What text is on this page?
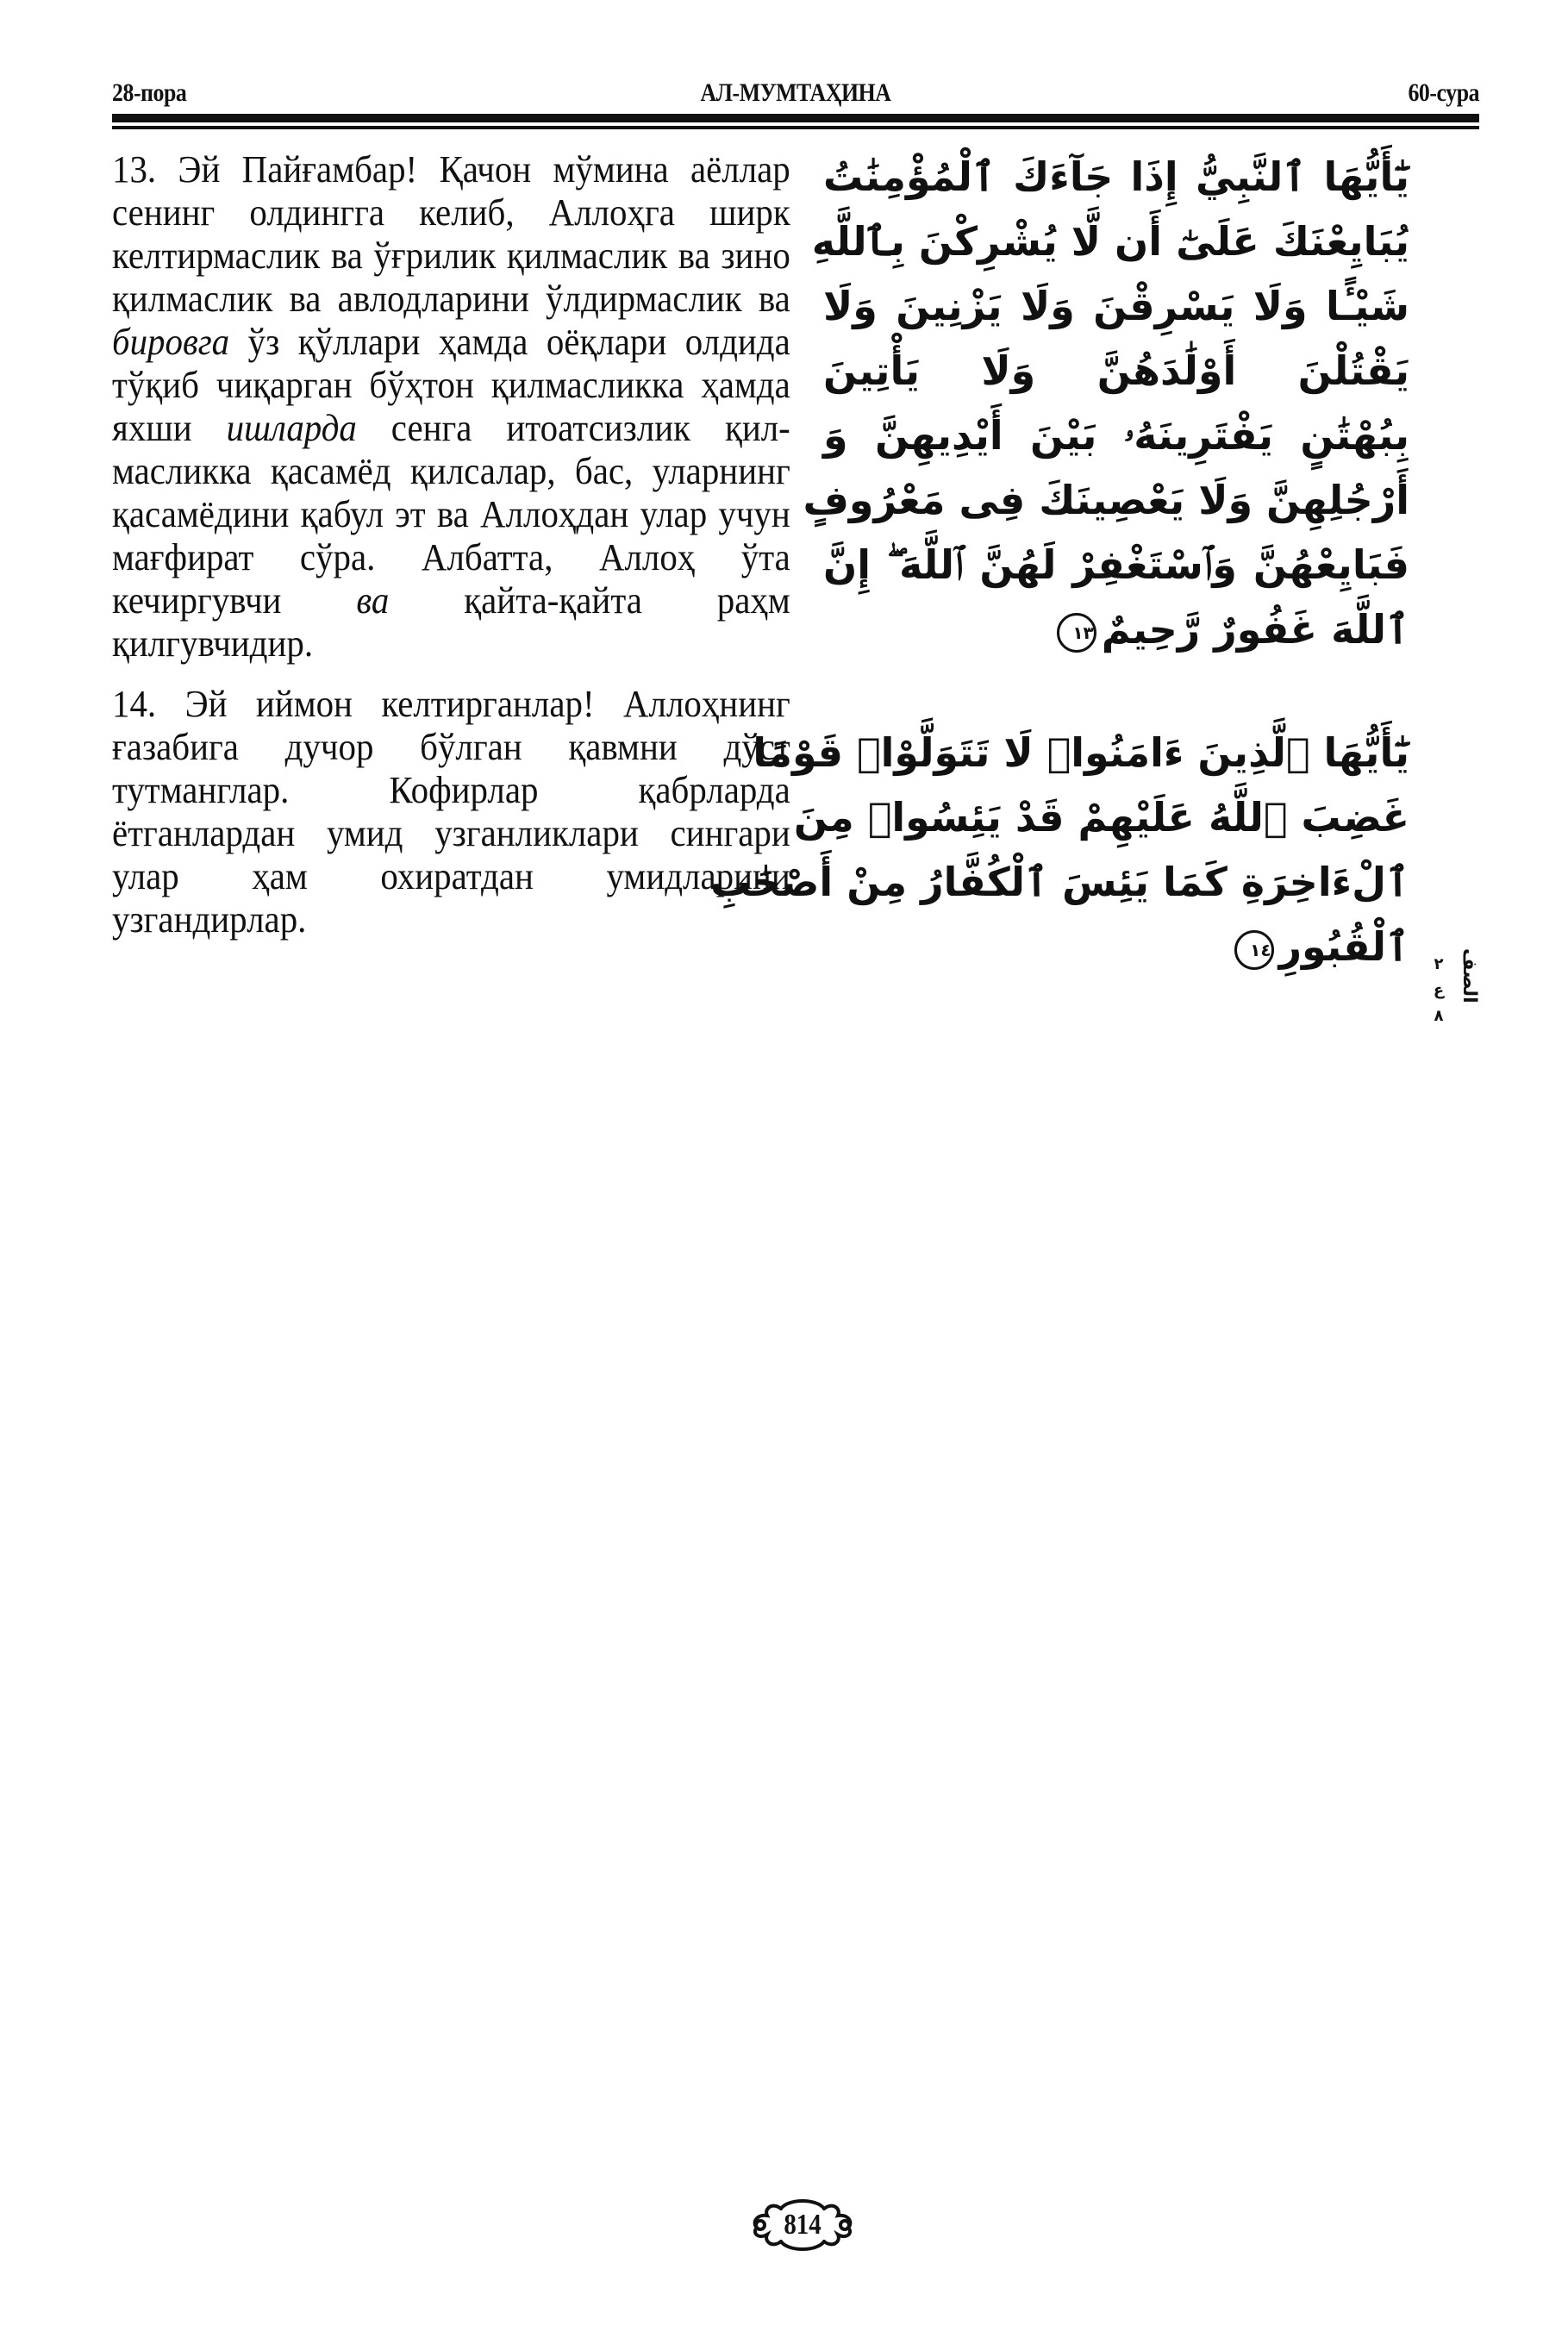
28-пора	АЛ-МУМТАҲИНА	60-сура

13. Эй Пайғамбар! Қачон мўмина аёллар сенинг олдингга келиб, Аллоҳга ширк келтирмаслик ва ўғрилик қилмаслик ва зино қилмаслик ва авлодларини ўлдирмаслик ва бировга ўз қўллари ҳамда оёқлари олдида тўқиб чиқарган бўҳтон қилмасликка ҳамда яхши ишларда сенга итоатсизлик қилмасликка қасамёд қилсалар, бас, уларнинг қасамёдини қабул эт ва Аллоҳдан улар учун мағфират сўра. Албатта, Аллоҳ ўта кечиргувчи ва қайта-қайта раҳм қилгувчидир.

14. Эй иймон келтирганлар! Аллоҳнинг ғазабига дучор бўлган қавмни дўст тутманглар. Кофирлар қабрларда ётганлардан умид узганликлари сингари улар ҳам охиратдан умидларини узгандирлар.

يَٰٓأَيُّهَا ٱلنَّبِيُّ إِذَا جَآءَكَ ٱلْمُؤْمِنَٰتُ
يُبَايِعْنَكَ عَلَىٰٓ أَن لَّا يُشْرِكْنَ بِٱللَّهِ
شَيْـًٔا وَلَا يَسْرِقْنَ وَلَا يَزْنِينَ وَلَا
يَقْتُلْنَ أَوْلَٰدَهُنَّ وَلَا يَأْتِينَ
بِبُهْتَٰنٍ يَفْتَرِينَهُۥ بَيْنَ أَيْدِيهِنَّ وَ
أَرْجُلِهِنَّ وَلَا يَعْصِينَكَ فِى مَعْرُوفٍ
فَبَايِعْهُنَّ وَٱسْتَغْفِرْ لَهُنَّ ٱللَّهَ ۖ إِنَّ
ٱللَّهَ غَفُورٌ رَّحِيمٌ١٣
يَٰٓأَيُّهَا ٱلَّذِينَ ءَامَنُوا۟ لَا تَتَوَلَّوْا۟ قَوْمًا
غَضِبَ ٱللَّهُ عَلَيْهِمْ قَدْ يَئِسُوا۟ مِنَ
ٱلْءَاخِرَةِ كَمَا يَئِسَ ٱلْكُفَّارُ مِنْ أَصْحَٰبِ
ٱلْقُبُورِ١٤
٢ ع ٨
الصف
814
